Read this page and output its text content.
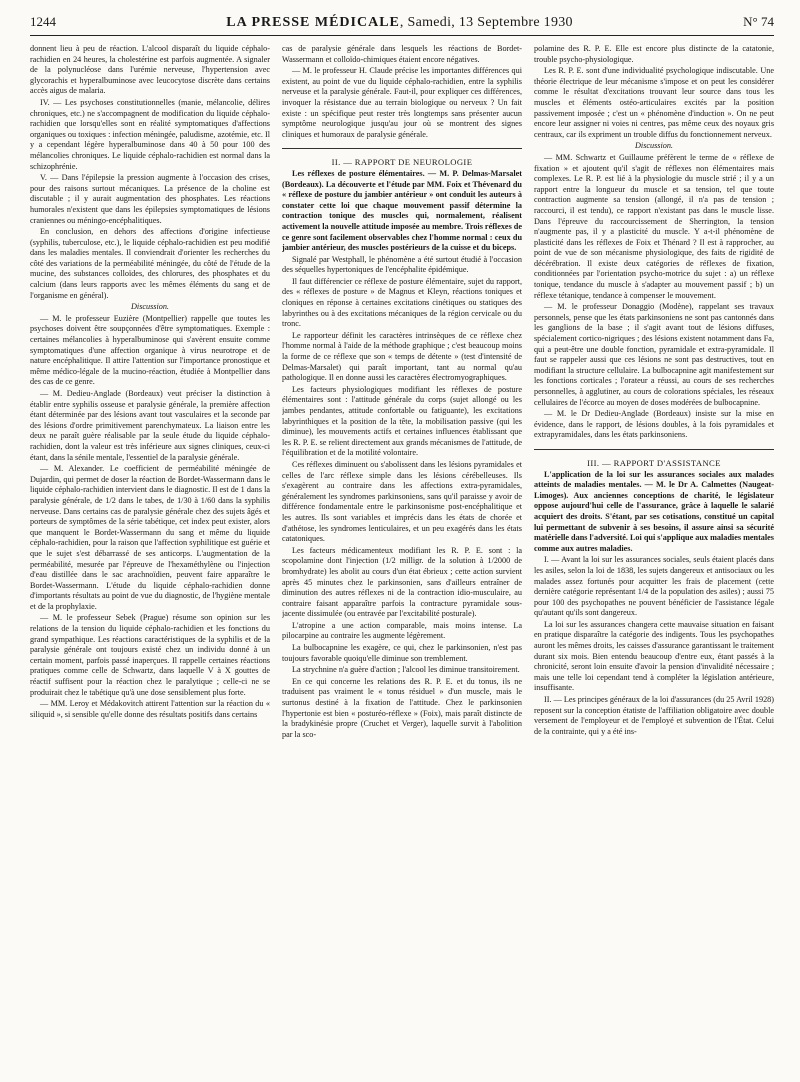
1244	LA PRESSE MÉDICALE, Samedi, 13 Septembre 1930	N° 74

donnent lieu à peu de réaction. L'alcool disparaît du liquide céphalo-rachidien en 24 heures, la cholestérine est parfois augmentée. A signaler de la polynucléose dans l'urémie nerveuse, l'hypertension avec glycorachis et hyperalbuminose avec leucocytose discrète dans certains accès aigus de malaria.

IV. — Les psychoses constitutionnelles (manie, mélancolie, délires chroniques, etc.) ne s'accompagnent de modification du liquide céphalo-rachidien que lorsqu'elles sont en réalité symptomatiques d'affections organiques ou toxiques : infection méningée, paludisme, azotémie, etc. Il y a cependant légère hyperalbuminose dans 40 à 50 pour 100 des mélancolies chroniques. Le liquide céphalo-rachidien est normal dans la schizophrénie.

V. — Dans l'épilepsie la pression augmente à l'occasion des crises, pour des raisons surtout mécaniques. La présence de la choline est discutable ; il y aurait augmentation des phosphates. Les réactions humorales n'existent que dans les épilepsies symptomatiques de lésions craniennes ou méningo-encéphalitiques.

En conclusion, en dehors des affections d'origine infectieuse (syphilis, tuberculose, etc.), le liquide céphalo-rachidien est peu modifié dans les maladies mentales. Il conviendrait d'orienter les recherches du côté des variations de la perméabilité méningée, du côté de l'étude de la mucine, des substances colloïdes, des chlorures, des phosphates et du calcium (dans leurs rapports avec les mêmes éléments du sang et de l'organisme en général).

Discussion.

— M. le professeur Euzière (Montpellier) rappelle que toutes les psychoses doivent être soupçonnées d'être symptomatiques. Exemple : certaines mélancolies à hyperalbuminose qui s'avèrent ensuite comme symptomatiques d'une affection organique à virus neurotrope et de nature encéphalitique. Il attire l'attention sur l'importance pronostique et même médico-légale de la mucino-réaction, étudiée à Montpellier dans des cas de ce genre.

— M. Dedieu-Anglade (Bordeaux) veut préciser la distinction à établir entre syphilis osseuse et paralysie générale, la première affection étant déterminée par des lésions avant tout vasculaires et la seconde par des lésions d'ordre primitivement parenchymateux. La liaison entre les deux ne paraît guère réalisable par la seule étude du liquide céphalo-rachidien, dont la valeur est très inférieure aux signes cliniques, ceux-ci étant, dans la sénile mentale, l'essentiel de la paralysie générale.

— M. Alexander. Le coefficient de perméabilité méningée de Dujardin, qui permet de doser la réaction de Bordet-Wassermann dans le liquide céphalo-rachidien intervient dans le diagnostic. Il est de 1 dans la paralysie générale, de 1/2 dans le tabes, de 1/30 à 1/60 dans la syphilis nerveuse. Dans certains cas de paralysie générale chez des sujets âgés et porteurs de symptômes de la série tabétique, cet index peut exister, alors que manquent le Bordet-Wassermann du sang et même du liquide céphalo-rachidien, pour la raison que l'affection syphilitique est guérie et que le sujet s'est débarrassé de ses anticorps. L'augmentation de la perméabilité, mesurée par l'épreuve de l'hexaméthylène ou l'injection d'eau distillée dans le sac arachnoïdien, peuvent faire apparaître le Bordet-Wassermann. L'étude du liquide céphalo-rachidien donne d'importants résultats au point de vue du diagnostic, de l'hygiène mentale et de la prophylaxie.

— M. le professeur Sebek (Prague) résume son opinion sur les relations de la tension du liquide céphalo-rachidien et les fonctions du grand sympathique. Les réactions caractéristiques de la syphilis et de la paralysie générale ont toujours existé chez un individu donné à un certain moment, parfois passé inaperçues. Il rappelle certaines réactions pratiques comme celle de Schwartz, dans laquelle V à X gouttes de réactif suffisent pour la réaction chez le paralytique ; celle-ci ne se produirait chez le tabétique qu'à une dose sensiblement plus forte.

— MM. Leroy et Médakovitch attirent l'attention sur la réaction du « siliquid », si sensible qu'elle donne des résultats positifs dans certains

cas de paralysie générale dans lesquels les réactions de Bordet-Wassermann et colloïdo-chimiques étaient encore négatives.

— M. le professeur H. Claude précise les importantes différences qui existent, au point de vue du liquide céphalo-rachidien, entre la syphilis nerveuse et la paralysie générale. Faut-il, pour expliquer ces différences, invoquer la résistance due au terrain biologique ou nerveux ? Un fait existe : un spécifique peut rester très longtemps sans présenter aucun symptôme neurologique jusqu'au jour où se montrent des signes cliniques et humoraux de paralysie générale.

II. — RAPPORT DE NEUROLOGIE

Les réflexes de posture élémentaires. — M. P. Delmas-Marsalet (Bordeaux). La découverte et l'étude par MM. Foix et Thévenard du « réflexe de posture du jambier antérieur » ont conduit les auteurs à constater cette loi que chaque mouvement passif détermine la contraction tonique des muscles qui, normalement, réalisent activement la nouvelle attitude imposée au membre. Trois réflexes de ce genre sont facilement observables chez l'homme normal : ceux du jambier antérieur, des muscles postérieurs de la cuisse et du biceps.

Signalé par Westphall, le phénomène a été surtout étudié à l'occasion des séquelles hypertoniques de l'encéphalite épidémique.

Il faut différencier ce réflexe de posture élémentaire, sujet du rapport, des « réflexes de posture » de Magnus et Kleyn, réactions toniques et cloniques en réponse à certaines excitations cinétiques ou statiques des labyrinthes ou à des excitations mécaniques de la région cervicale ou du tronc.

Le rapporteur définit les caractères intrinsèques de ce réflexe chez l'homme normal à l'aide de la méthode graphique ; c'est beaucoup moins la forme de ce réflexe que son « temps de détente » (test d'intensité de Delmas-Marsalet) qui paraît important, tant au normal qu'au pathologique. Il en donne aussi les caractères électromyographiques.

Les facteurs physiologiques modifiant les réflexes de posture élémentaires sont : l'attitude générale du corps (sujet allongé ou les jambes pendantes, attitude confortable ou fatiguante), les excitations labyrinthiques et la position de la tête, la mobilisation passive (qui les diminue), les mouvements actifs et certaines influences établissant que les R. P. E. se relient directement aux grands mécanismes de l'attitude, de l'équilibration et de la motilité volontaire.

Ces réflexes diminuent ou s'abolissent dans les lésions pyramidales et celles de l'arc réflexe simple dans les lésions cérébelleuses. Ils s'exagèrent au contraire dans les affections extra-pyramidales, généralement les syndromes parkinsoniens, sans qu'il paraisse y avoir de différence fondamentale entre le parkinsonisme post-encéphalitique et les autres. Ils sont variables et imprécis dans les états de chorée et d'athétose, les syndromes lenticulaires, et un peu exagérés dans les états catatoniques.

Les facteurs médicamenteux modifiant les R. P. E. sont : la scopolamine dont l'injection (1/2 milligr. de la solution à 1/2000 de bromhydrate) les abolit au cours d'un état ébrieux ; cette action survient après 45 minutes chez le parkinsonien, sans d'ailleurs entraîner de diminution des autres réflexes ni de la contraction idio-musculaire, au contraire faisant apparaître parfois la contracture pyramidale sous-jacente dissimulée (ou entravée par l'excitabilité posturale).

L'atropine a une action comparable, mais moins intense. La pilocarpine au contraire les augmente légèrement.

La bulbocapnine les exagère, ce qui, chez le parkinsonien, n'est pas toujours favorable quoiqu'elle diminue son tremblement.

La strychnine n'a guère d'action ; l'alcool les diminue transitoirement.

En ce qui concerne les relations des R. P. E. et du tonus, ils ne traduisent pas vraiment le « tonus résiduel » d'un muscle, mais le surtonus destiné à la fixation de l'attitude. Chez le parkinsonien l'hypertonie est bien « posturéo-réflexe » (Foix), mais paraît distincte de la bradykinésie propre (Cruchet et Verger), laquelle survit à l'abolition par la sco-

polamine des R. P. E. Elle est encore plus distincte de la catatonie, trouble psycho-physiologique.

Les R. P. E. sont d'une individualité psychologique indiscutable. Une théorie électrique de leur mécanisme s'impose et on peut les considérer comme le résultat d'excitations trouvant leur source dans tous les muscles et éléments ostéo-articulaires excités par la position passivement imposée ; c'est un « phénomène d'induction ». On ne peut encore leur assigner ni voies ni centres, pas même ceux des noyaux gris centraux, car ils expriment un trouble diffus du fonctionnement nerveux.

Discussion.

— MM. Schwartz et Guillaume préfèrent le terme de « réflexe de fixation » et ajoutent qu'il s'agit de réflexes non élémentaires mais complexes. Le R. P. est lié à la physiologie du muscle strié ; il y a un rapport entre la longueur du muscle et sa tension, tel que toute contraction augmente sa tension (allongé, il n'a pas de tension ; raccourci, il est tendu), ce rapport n'existant pas dans le muscle lisse. Dans l'épreuve du raccourcissement de Sherrington, la tension n'augmente pas, il y a plasticité du muscle. Y a-t-il phénomène de plasticité dans les réflexes de Foix et Thénard ? Il est à rapprocher, au point de vue de son mécanisme physiologique, des faits de rigidité de décérébration. Il existe deux catégories de réflexes de fixation, conditionnées par l'orientation psycho-motrice du sujet : a) un réflexe tonique, tendance du muscle à s'adapter au mouvement passif ; b) un réflexe tétanique, tendance à compenser le mouvement.

— M. le professeur Donaggio (Modène), rappelant ses travaux personnels, pense que les états parkinsoniens ne sont pas cantonnés dans les ganglions de la base ; il s'agit avant tout de lésions diffuses, spécialement cortico-nigriques ; des lésions existent notamment dans Fa, qui a peut-être une double fonction, pyramidale et extra-pyramidale. Il faut se rappeler aussi que ces lésions ne sont pas destructives, tout en modifiant la structure cellulaire. La bulbocapnine agit manifestement sur les fonctions corticales ; l'orateur a réussi, au cours de ses recherches personnelles, à agglutiner, au cours de colorations spéciales, les réseaux cellulaires de l'écorce au moyen de doses modérées de bulbocapnine.

— M. le Dr Dedieu-Anglade (Bordeaux) insiste sur la mise en évidence, dans le rapport, de lésions doubles, à la fois pyramidales et extrapyramidales, dans les états parkinsoniens.

III. — RAPPORT D'ASSISTANCE

L'application de la loi sur les assurances sociales aux malades atteints de maladies mentales. — M. le Dr A. Calmettes (Naugeat-Limoges). Aux anciennes conceptions de charité, le législateur oppose aujourd'hui celle de l'assurance, grâce à laquelle le salarié acquiert des droits. S'étant, par ses cotisations, constitué un capital lui permettant de subvenir à ses besoins, il assure ainsi sa sécurité matérielle dans l'adversité. Loi qui s'applique aux maladies mentales comme aux autres maladies.

I. — Avant la loi sur les assurances sociales, seuls étaient placés dans les asiles, selon la loi de 1838, les sujets dangereux et antisociaux ou les malades assez fortunés pour acquitter les frais de placement (cette dernière catégorie représentant 1/4 de la population des asiles) ; aussi 75 pour 100 des psychopathes ne pouvent bénéficier de l'assistance légale qu'autant qu'ils sont dangereux.

La loi sur les assurances changera cette mauvaise situation en faisant en pratique disparaître la catégorie des indigents. Tous les psychopathes auront les mêmes droits, les caisses d'assurance garantissant le traitement durant six mois. Bien entendu beaucoup d'entre eux, étant passés à la chronicité, seront loin ensuite d'avoir la pension d'invalidité nécessaire ; mais une telle loi cependant tend à compléter la législation antérieure, insuffisante.

II. — Les principes généraux de la loi d'assurances (du 25 Avril 1928) reposent sur la conception étatiste de l'affiliation obligatoire avec double versement de l'employeur et de l'employé et subvention de l'État. Celui de la contrainte, qui y a été ins-
